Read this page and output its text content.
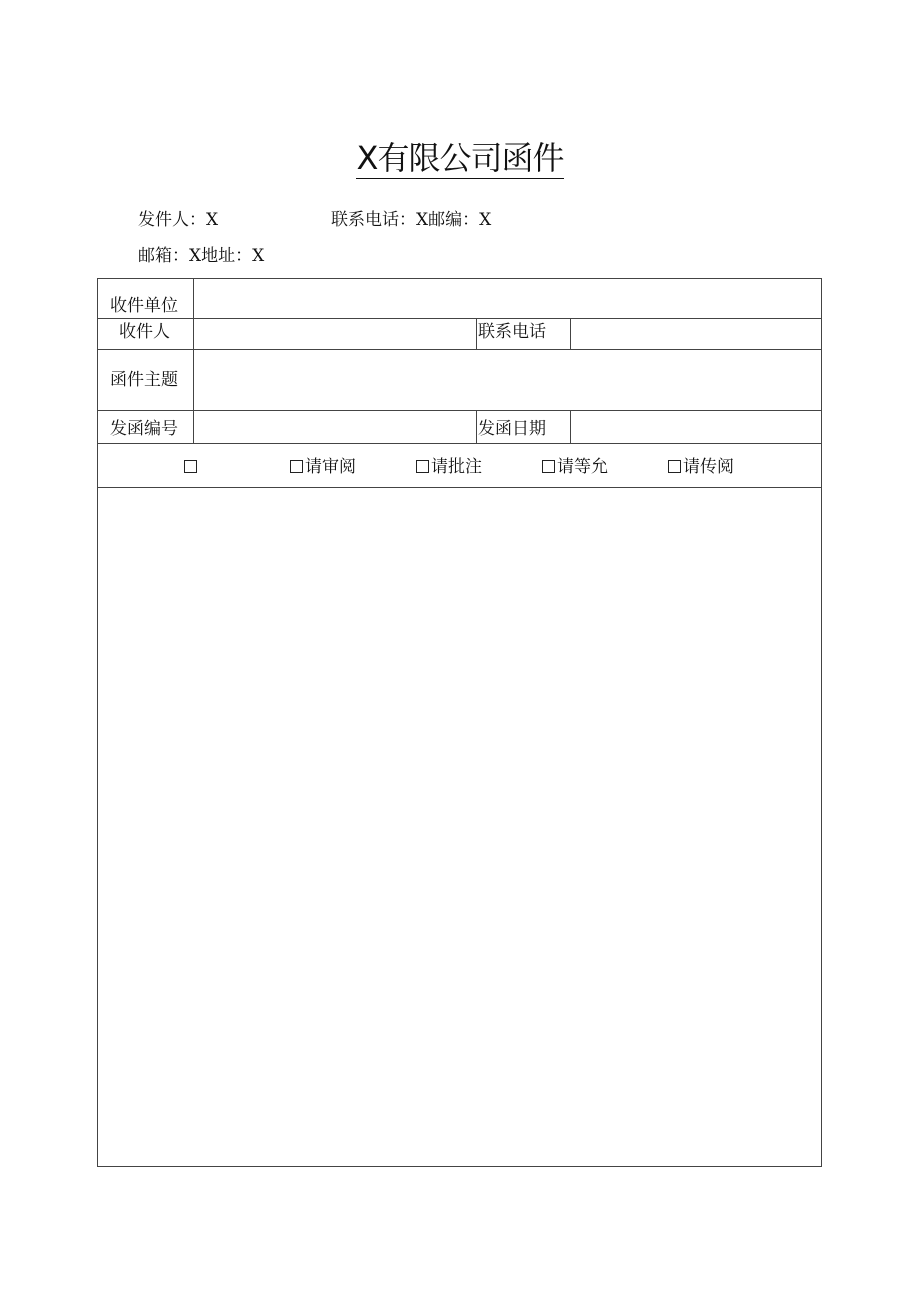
X有限公司函件
发件人：X	联系电话：X邮编：X
邮箱：X地址：X
收件单位
收件人	联系电话
函件主题
发函编号	发函日期
请审阅	请批注	请等允	请传阅
